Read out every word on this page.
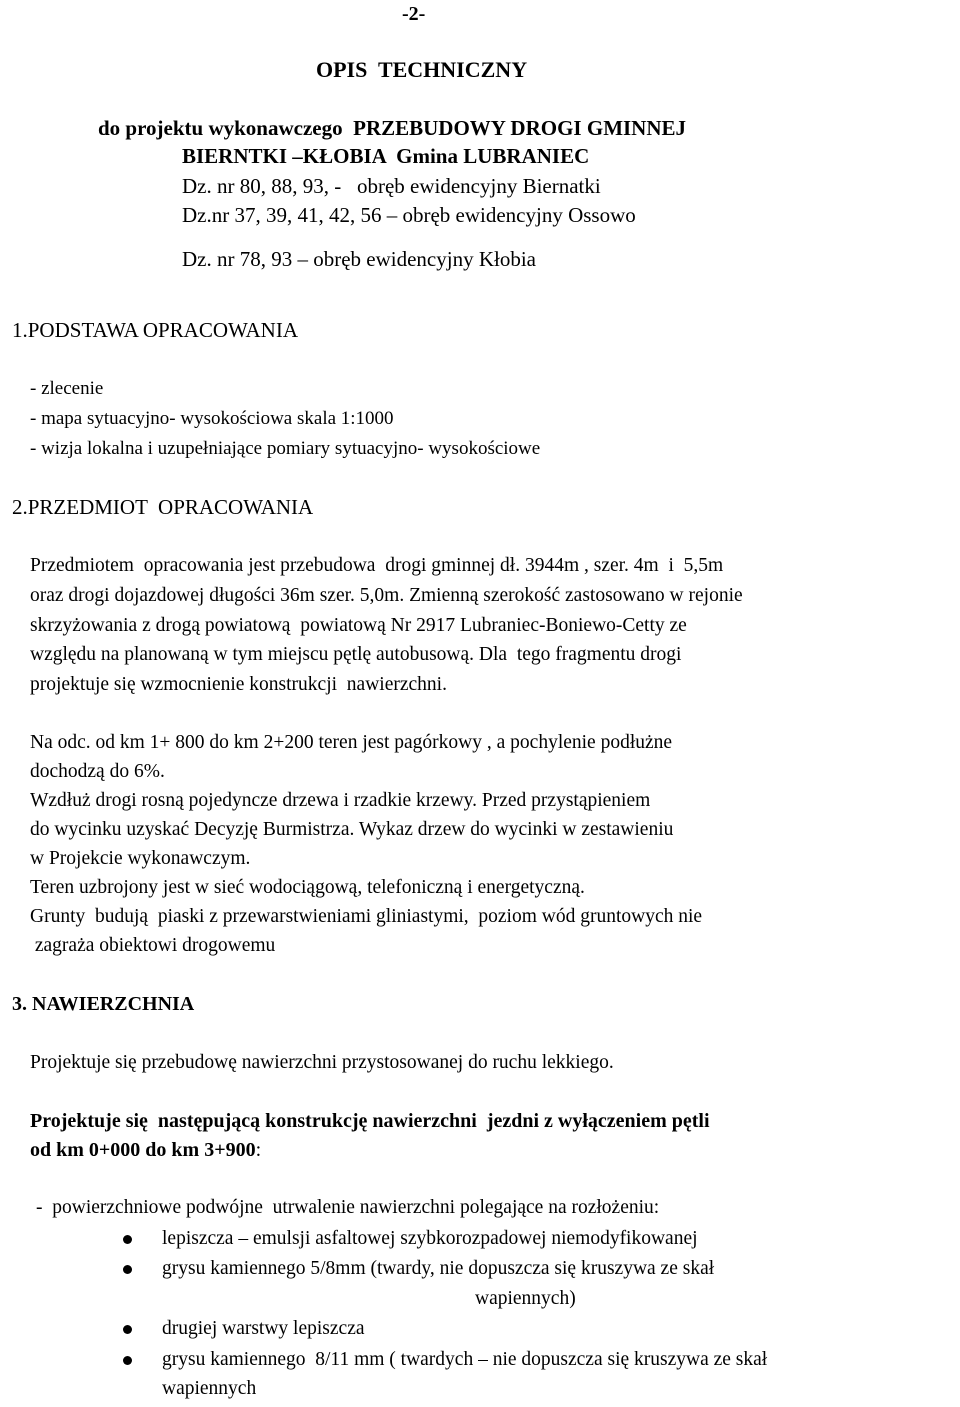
-2-
OPIS  TECHNICZNY
do projektu wykonawczego  PRZEBUDOWY DROGI GMINNEJ
BIERNTKI –KŁOBIA  Gmina LUBRANIEC
Dz. nr 80, 88, 93, -   obręb ewidencyjny Biernatki
Dz.nr 37, 39, 41, 42, 56 – obręb ewidencyjny Ossowo
Dz. nr 78, 93 – obręb ewidencyjny Kłobia
1.PODSTAWA OPRACOWANIA
- zlecenie
- mapa sytuacyjno- wysokościowa skala 1:1000
- wizja lokalna i uzupełniające pomiary sytuacyjno- wysokościowe
2.PRZEDMIOT  OPRACOWANIA
Przedmiotem  opracowania jest przebudowa  drogi gminnej dł. 3944m , szer. 4m  i  5,5m
oraz drogi dojazdowej długości 36m szer. 5,0m. Zmienną szerokość zastosowano w rejonie
skrzyżowania z drogą powiatową  powiatową Nr 2917 Lubraniec-Boniewo-Cetty ze
względu na planowaną w tym miejscu pętlę autobusową. Dla  tego fragmentu drogi
projektuje się wzmocnienie konstrukcji  nawierzchni.
Na odc. od km 1+ 800 do km 2+200 teren jest pagórkowy , a pochylenie podłużne
dochodzą do 6%.
Wzdłuż drogi rosną pojedyncze drzewa i rzadkie krzewy. Przed przystąpieniem
do wycinku uzyskać Decyzję Burmistrza. Wykaz drzew do wycinki w zestawieniu
w Projekcie wykonawczym.
Teren uzbrojony jest w sieć wodociągową, telefoniczną i energetyczną.
Grunty  budują  piaski z przewarstwieniami gliniastymi,  poziom wód gruntowych nie
zagraża obiektowi drogowemu
3. NAWIERZCHNIA
Projektuje się przebudowę nawierzchni przystosowanej do ruchu lekkiego.
Projektuje się  następującą konstrukcję nawierzchni  jezdni z wyłączeniem pętli
od km 0+000 do km 3+900:
-  powierzchniowe podwójne  utrwalenie nawierzchni polegające na rozłożeniu:
lepiszcza – emulsji asfaltowej szybkorozpadowej niemodyfikowanej
grysu kamiennego 5/8mm (twardy, nie dopuszcza się kruszywa ze skał
wapiennych)
drugiej warstwy lepiszcza
grysu kamiennego  8/11 mm ( twardych – nie dopuszcza się kruszywa ze skał
wapiennych
